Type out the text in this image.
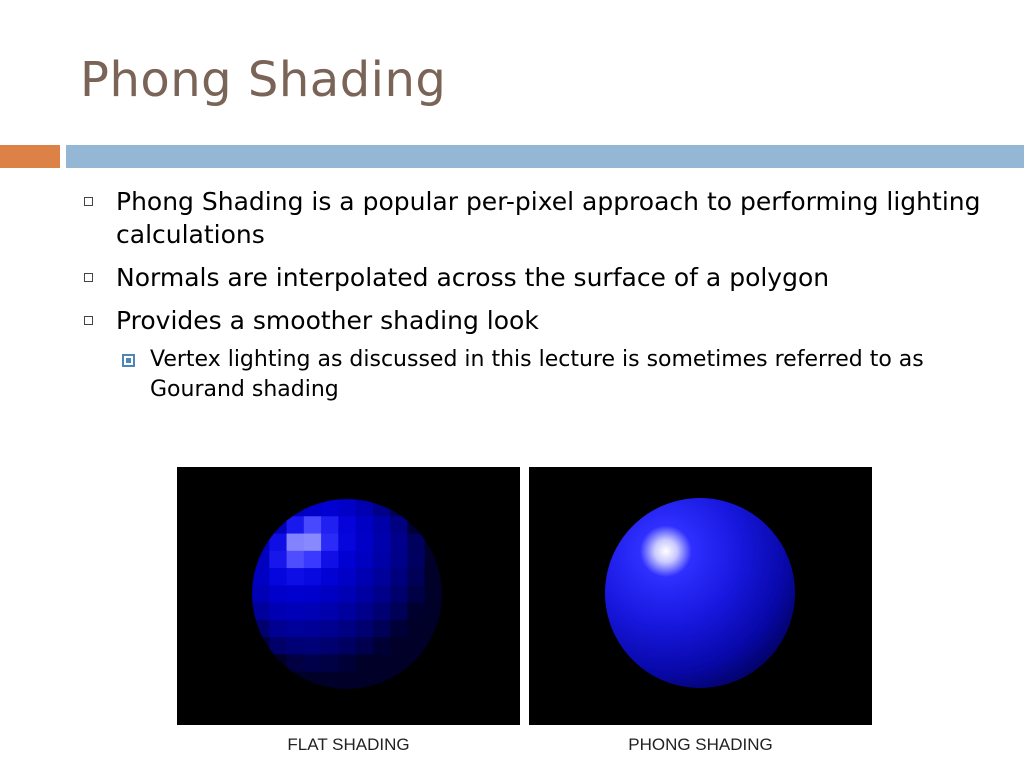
Phong Shading
Phong Shading is a popular per-pixel approach to performing lighting calculations
Normals are interpolated across the surface of a polygon
Provides a smoother shading look
Vertex lighting as discussed in this lecture is sometimes referred to as Gourand shading
FLAT SHADING	PHONG SHADING
